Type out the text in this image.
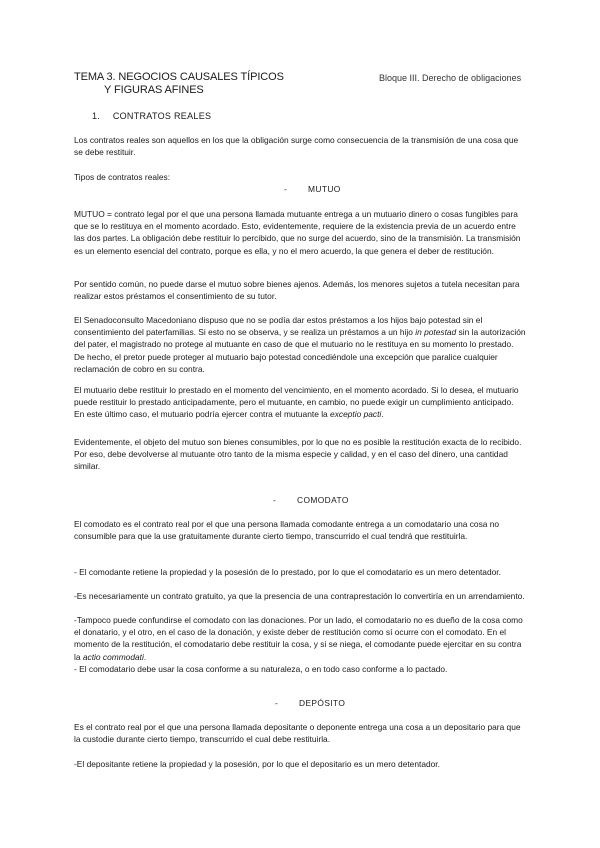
TEMA 3. NEGOCIOS CAUSALES TÍPICOS
Y FIGURAS AFINES
Bloque III. Derecho de obligaciones
1. CONTRATOS REALES

Los contratos reales son aquellos en los que la obligación surge como consecuencia de la transmisión de una cosa que se debe restituir.

Tipos de contratos reales:

- MUTUO

MUTUO = contrato legal por el que una persona llamada mutuante entrega a un mutuario dinero o cosas fungibles para que se lo restituya en el momento acordado. Esto, evidentemente, requiere de la existencia previa de un acuerdo entre las dos partes. La obligación debe restituir lo percibido, que no surge del acuerdo, sino de la transmisión. La transmisión es un elemento esencial del contrato, porque es ella, y no el mero acuerdo, la que genera el deber de restitución.

Por sentido común, no puede darse el mutuo sobre bienes ajenos. Además, los menores sujetos a tutela necesitan para realizar estos préstamos el consentimiento de su tutor.

El Senadoconsulto Macedoniano dispuso que no se podía dar estos préstamos a los hijos bajo potestad sin el consentimiento del paterfamilias. Si esto no se observa, y se realiza un préstamos a un hijo in potestad sin la autorización del pater, el magistrado no protege al mutuante en caso de que el mutuario no le restituya en su momento lo prestado. De hecho, el pretor puede proteger al mutuario bajo potestad concediéndole una excepción que paralice cualquier reclamación de cobro en su contra.

El mutuario debe restituir lo prestado en el momento del vencimiento, en el momento acordado. Si lo desea, el mutuario puede restituir lo prestado anticipadamente, pero el mutuante, en cambio, no puede exigir un cumplimiento anticipado. En este último caso, el mutuario podría ejercer contra el mutuante la exceptio pacti.

Evidentemente, el objeto del mutuo son bienes consumibles, por lo que no es posible la restitución exacta de lo recibido. Por eso, debe devolverse al mutuante otro tanto de la misma especie y calidad, y en el caso del dinero, una cantidad similar.

- COMODATO

El comodato es el contrato real por el que una persona llamada comodante entrega a un comodatario una cosa no consumible para que la use gratuitamente durante cierto tiempo, transcurrido el cual tendrá que restituirla.

- El comodante retiene la propiedad y la posesión de lo prestado, por lo que el comodatario es un mero detentador.

-Es necesariamente un contrato gratuito, ya que la presencia de una contraprestación lo convertiría en un arrendamiento.

-Tampoco puede confundirse el comodato con las donaciones. Por un lado, el comodatario no es dueño de la cosa como el donatario, y el otro, en el caso de la donación, y existe deber de restitución como sí ocurre con el comodato. En el momento de la restitución, el comodatario debe restituir la cosa, y si se niega, el comodante puede ejercitar en su contra la actio commodati.

- El comodatario debe usar la cosa conforme a su naturaleza, o en todo caso conforme a lo pactado.

- DEPÓSITO

Es el contrato real por el que una persona llamada depositante o deponente entrega una cosa a un depositario para que la custodie durante cierto tiempo, transcurrido el cual debe restituirla.

-El depositante retiene la propiedad y la posesión, por lo que el depositario es un mero detentador.
